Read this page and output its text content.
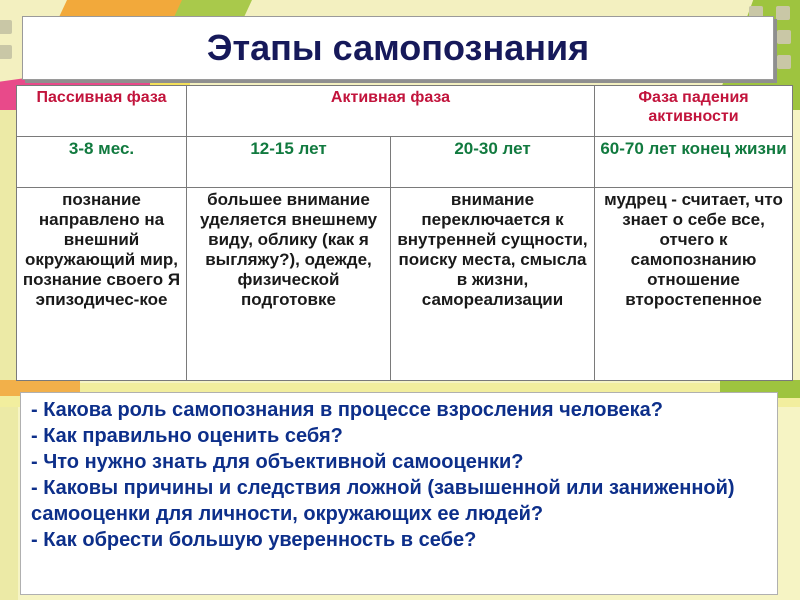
Этапы самопознания
Пассивная фаза	Активная фаза		Фаза падения активности
3-8 мес.	12-15 лет	20-30 лет	60-70 лет конец жизни
познание направлено на внешний окружающий мир, познание своего Я эпизодичес-кое	большее внимание уделяется внешнему виду, облику (как я выгляжу?), одежде, физической подготовке	внимание переключается к внутренней сущности, поиску места, смысла в жизни, самореализации	мудрец - считает, что знает о себе все, отчего к самопознанию отношение второстепенное

- Какова роль самопознания в процессе взросления человека?

- Как правильно оценить себя?

- Что нужно знать для объективной самооценки?

- Каковы причины и следствия ложной (завышенной или заниженной) самооценки для личности, окружающих ее людей?

- Как обрести большую уверенность в себе?
